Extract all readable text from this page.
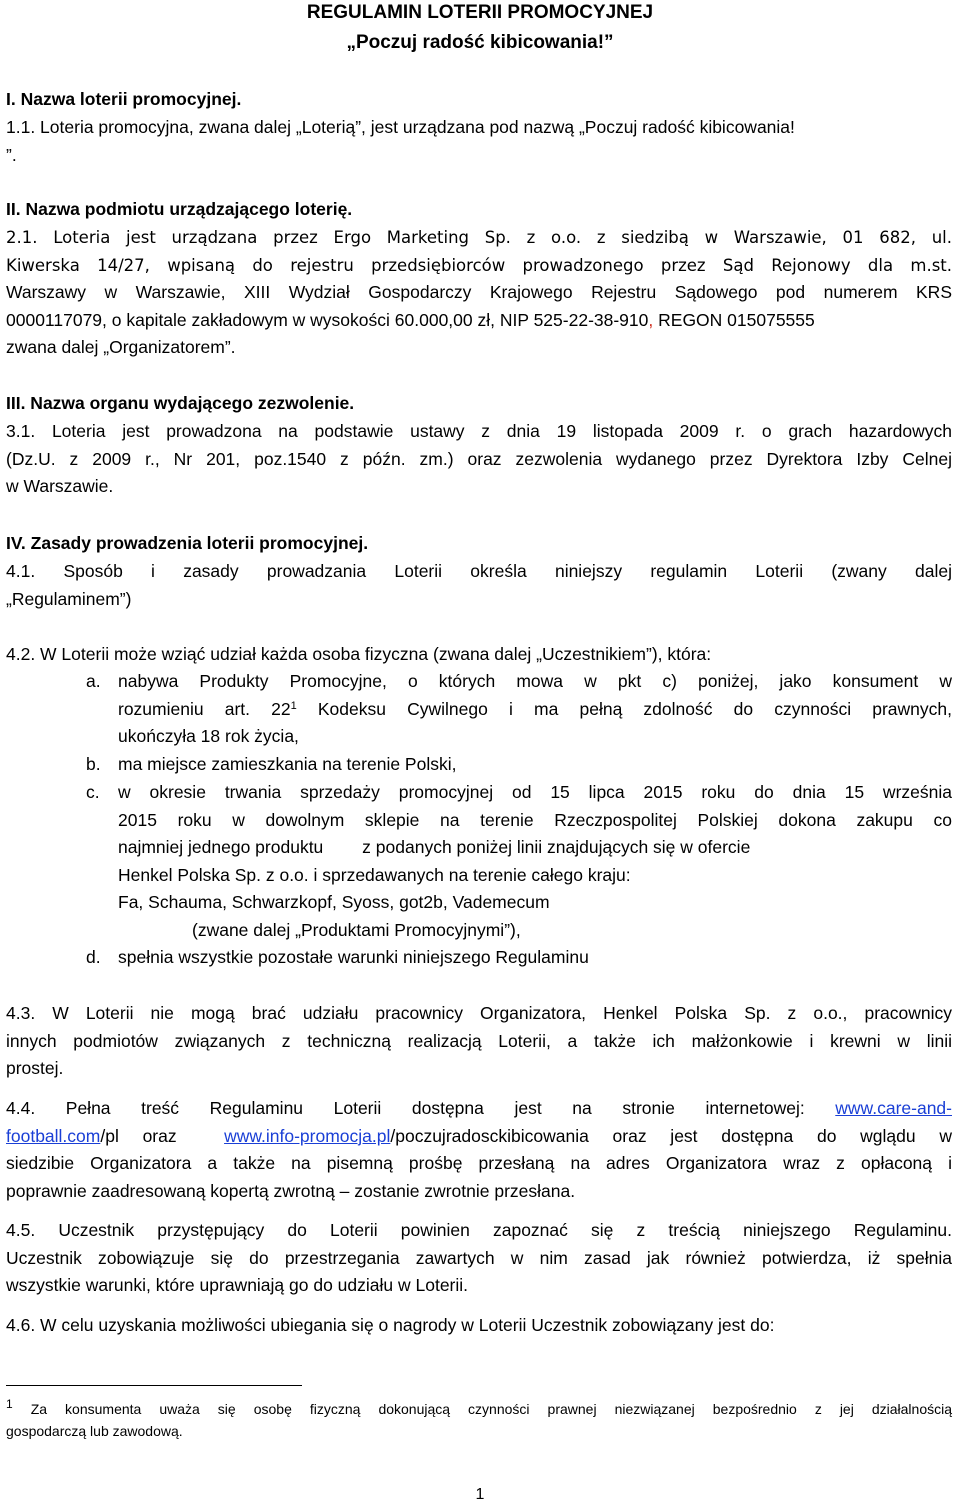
REGULAMIN LOTERII PROMOCYJNEJ
„Poczuj radość kibicowania!”
I. Nazwa loterii promocyjnej.
1.1. Loteria promocyjna, zwana dalej „Loterią”, jest urządzana pod nazwą „Poczuj radość kibicowania!
”.
II. Nazwa podmiotu urządzającego loterię.
2.1. Loteria jest urządzana przez Ergo Marketing Sp. z o.o. z siedzibą w Warszawie, 01 682, ul.
Kiwerska 14/27, wpisaną do rejestru przedsiębiorców prowadzonego przez Sąd Rejonowy dla m.st.
Warszawy w Warszawie, XIII Wydział Gospodarczy Krajowego Rejestru Sądowego pod numerem KRS
0000117079, o kapitale zakładowym w wysokości 60.000,00 zł, NIP 525-22-38-910, REGON 015075555
zwana dalej „Organizatorem”.
III. Nazwa organu wydającego zezwolenie.
3.1. Loteria jest prowadzona na podstawie ustawy z dnia 19 listopada 2009 r. o grach hazardowych
(Dz.U. z 2009 r., Nr 201, poz.1540 z późn. zm.) oraz zezwolenia wydanego przez Dyrektora Izby Celnej
w Warszawie.
IV. Zasady prowadzenia loterii promocyjnej.
4.1. Sposób i zasady prowadzania Loterii określa niniejszy regulamin Loterii (zwany dalej
„Regulaminem”)
4.2. W Loterii może wziąć udział każda osoba fizyczna (zwana dalej „Uczestnikiem”), która:
a. nabywa Produkty Promocyjne, o których mowa w pkt c) poniżej, jako konsument w
rozumieniu art. $22^1$ Kodeksu Cywilnego i ma pełną zdolność do czynności prawnych,
ukończyła 18 rok życia,
b. ma miejsce zamieszkania na terenie Polski,
c. w okresie trwania sprzedaży promocyjnej od 15 lipca 2015 roku do dnia 15 września
2015 roku w dowolnym sklepie na terenie Rzeczpospolitej Polskiej dokona zakupu co
najmniej jednego produktu        z podanych poniżej linii znajdujących się w ofercie
Henkel Polska Sp. z o.o. i sprzedawanych na terenie całego kraju:
Fa, Schauma, Schwarzkopf, Syoss, got2b, Vademecum
(zwane dalej „Produktami Promocyjnymi”),
d. spełnia wszystkie pozostałe warunki niniejszego Regulaminu
4.3. W Loterii nie mogą brać udziału pracownicy Organizatora, Henkel Polska Sp. z o.o., pracownicy
innych podmiotów związanych z techniczną realizacją Loterii, a także ich małżonkowie i krewni w linii
prostej.
4.4. Pełna treść Regulaminu Loterii dostępna jest na stronie internetowej: www.care-and-
football.com/pl oraz  www.info-promocja.pl/poczujradosckibicowania oraz jest dostępna do wglądu w
siedzibie Organizatora a także na pisemną prośbę przesłaną na adres Organizatora wraz z opłaconą i
poprawnie zaadresowaną kopertą zwrotną – zostanie zwrotnie przesłana.
4.5. Uczestnik przystępujący do Loterii powinien zapoznać się z treścią niniejszego Regulaminu.
Uczestnik zobowiązuje się do przestrzegania zawartych w nim zasad jak również potwierdza, iż spełnia
wszystkie warunki, które uprawniają go do udziału w Loterii.
4.6. W celu uzyskania możliwości ubiegania się o nagrody w Loterii Uczestnik zobowiązany jest do:
$^1$ Za konsumenta uważa się osobę fizyczną dokonującą czynności prawnej niezwiązanej bezpośrednio z jej działalnością
gospodarczą lub zawodową.
1
